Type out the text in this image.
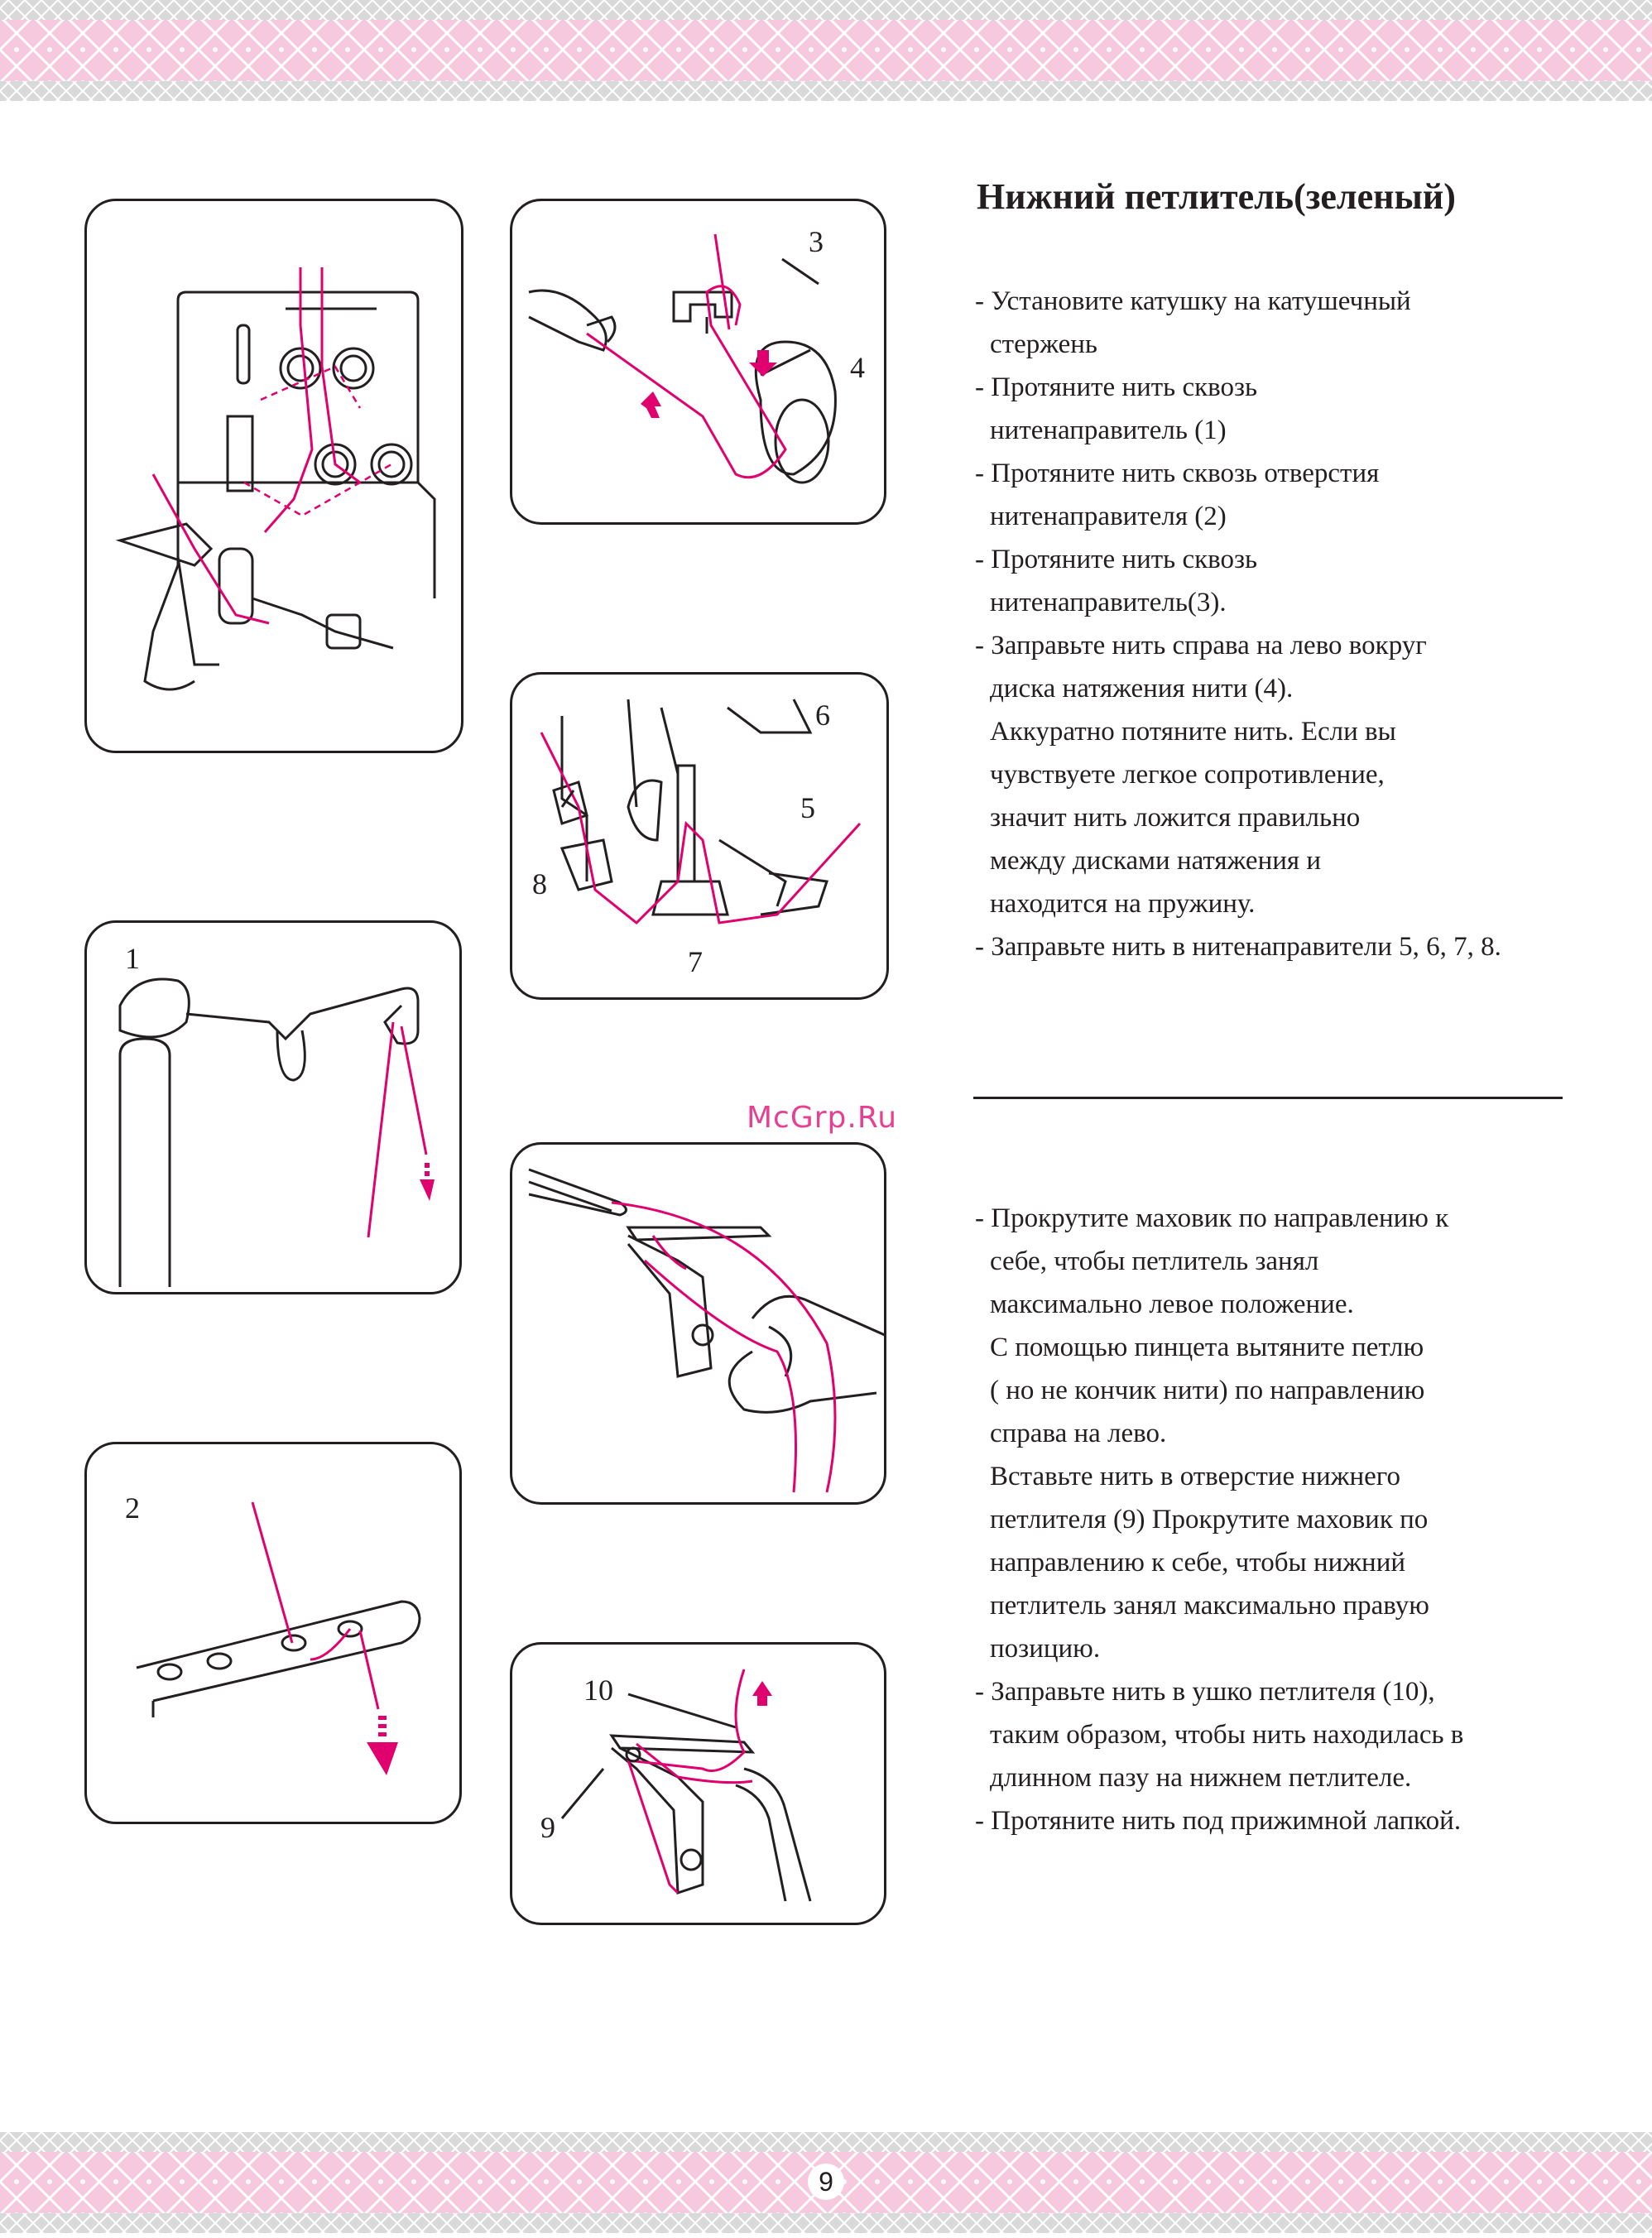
3
4
6
5
8
7
1
2
10
9
Нижний петлитель(зеленый)
- Установите катушку на катушечный
стержень
- Протяните нить сквозь
нитенаправитель (1)
- Протяните нить сквозь отверстия
нитенаправителя (2)
- Протяните нить сквозь
нитенаправитель(3).
- Заправьте нить справа на лево вокруг
диска натяжения нити (4).
Аккуратно потяните нить. Если вы
чувствуете легкое сопротивление,
значит нить ложится правильно
между дисками натяжения и
находится на пружину.
- Заправьте нить в нитенаправители 5, 6, 7, 8.
McGrp.Ru
- Прокрутите маховик по направлению к
себе, чтобы петлитель занял
максимально левое положение.
С помощью пинцета вытяните петлю
( но не кончик нити) по направлению
справа на лево.
Вставьте нить в отверстие нижнего
петлителя (9) Прокрутите маховик по
направлению к себе, чтобы нижний
петлитель занял максимально правую
позицию.
- Заправьте нить в ушко петлителя (10),
таким образом, чтобы нить находилась в
длинном пазу на нижнем петлителе.
- Протяните нить под прижимной лапкой.
9
